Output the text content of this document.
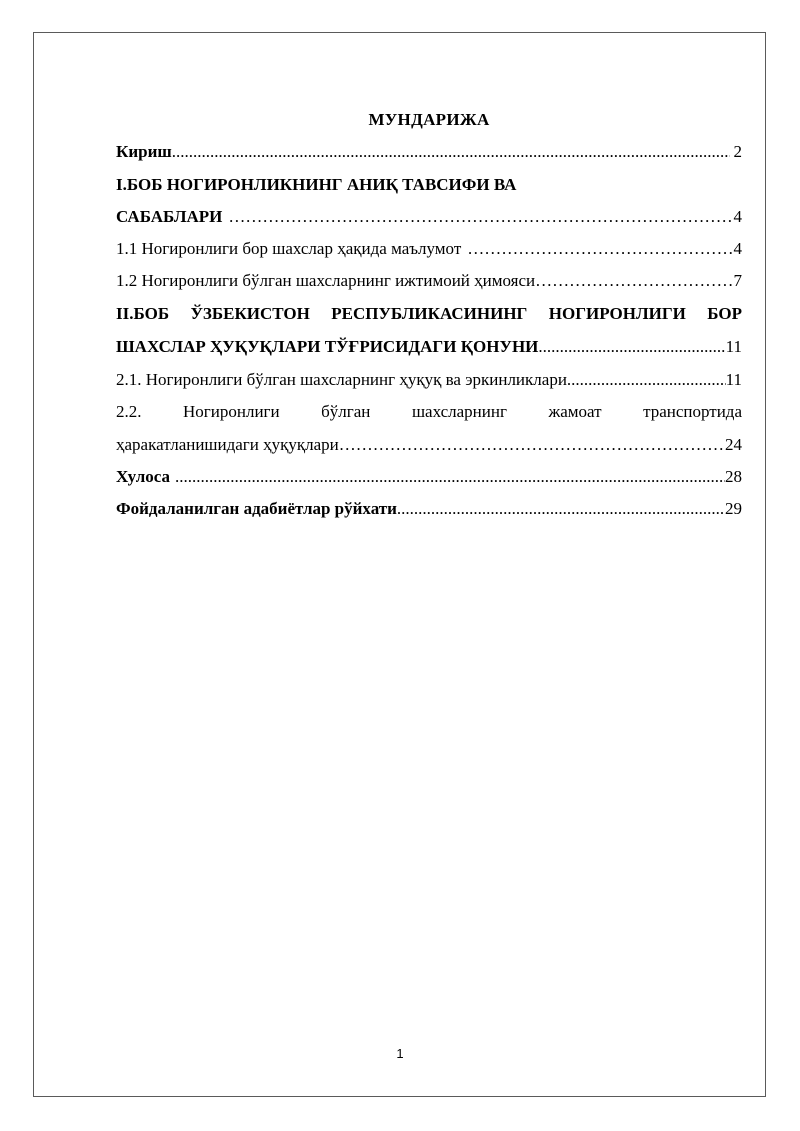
МУНДАРИЖА
Кириш .....	2
I.БОБ НОГИРОНЛИКНИНГ АНИҚ ТАВСИФИ ВА
САБАБЛАРИ …………………………………………………………………………………………………………………………………………………………………………………………………………………………………………	4
1.1 Ногиронлиги бор шахслар ҳақида маълумот …………………………………………………………………………………………………………………………………………………………………………………………………………………………………………	4
1.2 Ногиронлиги бўлган шахсларнинг ижтимоий ҳимояси …………………………………………………………………………………………………………………………………………………………………………………………………………………………………………	7
II.БОБ ЎЗБЕКИСТОН РЕСПУБЛИКАСИНИНГ НОГИРОНЛИГИ БОР
ШАХСЛАР ҲУҚУҚЛАРИ ТЎҒРИСИДАГИ ҚОНУНИ .....	11
2.1. Ногиронлиги бўлган шахсларнинг ҳуқуқ ва эркинликлари .....	11
2.2. Ногиронлиги бўлган шахсларнинг жамоат транспортида
ҳаракатланишидаги ҳуқуқлари …………………………………………………………………………………………………………………………………………………………………………………………………………………………………………	24
Хулоса .....	28
Фойдаланилган адабиётлар рўйхати .....	29
1
